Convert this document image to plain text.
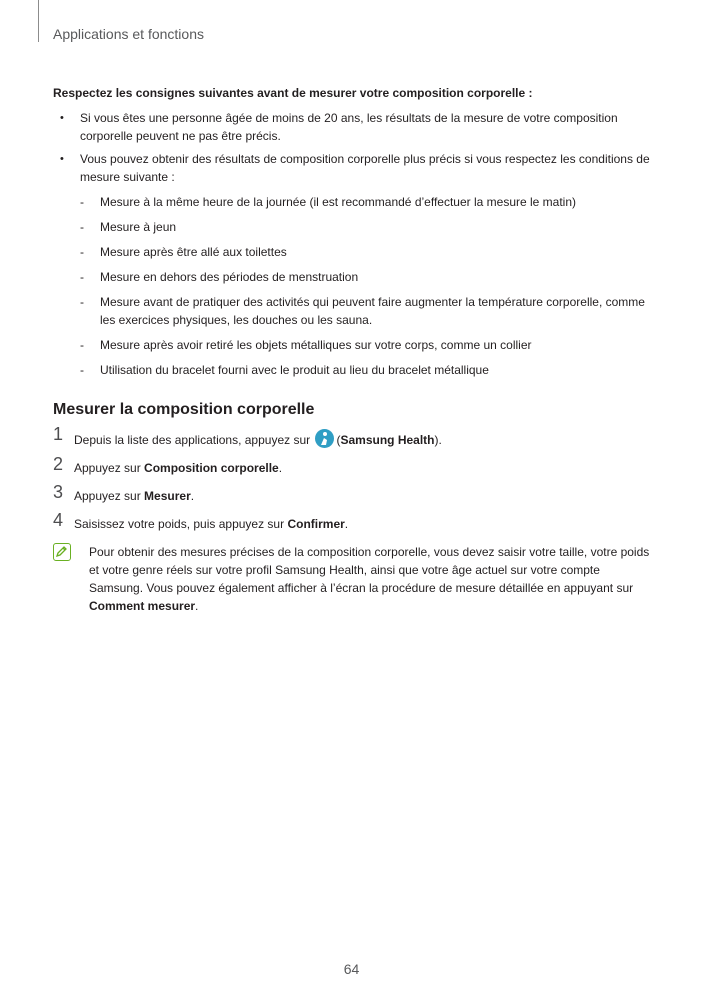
Applications et fonctions

Respectez les consignes suivantes avant de mesurer votre composition corporelle :

• Si vous êtes une personne âgée de moins de 20 ans, les résultats de la mesure de votre composition corporelle peuvent ne pas être précis.
• Vous pouvez obtenir des résultats de composition corporelle plus précis si vous respectez les conditions de mesure suivante :
- Mesure à la même heure de la journée (il est recommandé d’effectuer la mesure le matin)
- Mesure à jeun
- Mesure après être allé aux toilettes
- Mesure en dehors des périodes de menstruation
- Mesure avant de pratiquer des activités qui peuvent faire augmenter la température corporelle, comme les exercices physiques, les douches ou les sauna.
- Mesure après avoir retiré les objets métalliques sur votre corps, comme un collier
- Utilisation du bracelet fourni avec le produit au lieu du bracelet métallique
Mesurer la composition corporelle
1 Depuis la liste des applications, appuyez sur (Samsung Health).
2 Appuyez sur Composition corporelle.
3 Appuyez sur Mesurer.
4 Saisissez votre poids, puis appuyez sur Confirmer.
Pour obtenir des mesures précises de la composition corporelle, vous devez saisir votre taille, votre poids et votre genre réels sur votre profil Samsung Health, ainsi que votre âge actuel sur votre compte Samsung. Vous pouvez également afficher à l’écran la procédure de mesure détaillée en appuyant sur Comment mesurer.
64
